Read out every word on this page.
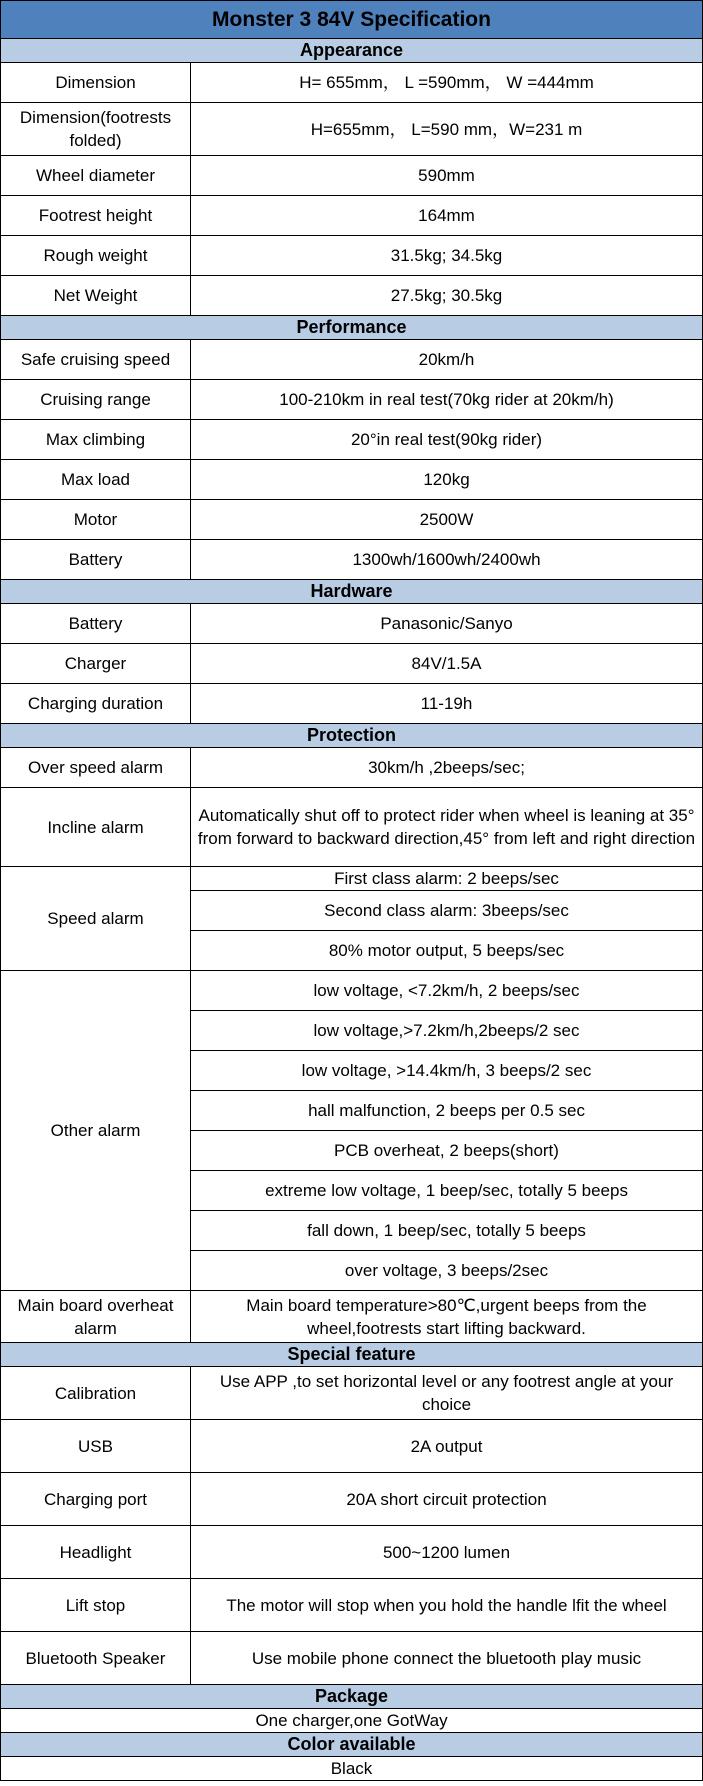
Monster 3 84V Specification	
Appearance	
Dimension	H= 655mm， L =590mm， W =444mm
Dimension(footrests folded)	H=655mm， L=590 mm，W=231 m
Wheel diameter	590mm
Footrest height	164mm
Rough weight	31.5kg; 34.5kg
Net Weight	27.5kg; 30.5kg
Performance	
Safe cruising speed	20km/h
Cruising range	100-210km in real test(70kg rider at 20km/h)
Max climbing	20°in real test(90kg rider)
Max load	120kg
Motor	2500W
Battery	1300wh/1600wh/2400wh
Hardware	
Battery	Panasonic/Sanyo
Charger	84V/1.5A
Charging duration	11-19h
Protection	
Over speed alarm	30km/h ,2beeps/sec;
Incline alarm	Automatically shut off to protect rider when wheel is leaning at 35° from forward to backward direction,45° from left and right direction
Speed alarm	First class alarm: 2 beeps/sec
	Second class alarm: 3beeps/sec
	80% motor output, 5 beeps/sec
Other alarm	low voltage, <7.2km/h, 2 beeps/sec
	low voltage,>7.2km/h,2beeps/2 sec
	low voltage, >14.4km/h, 3 beeps/2 sec
	hall malfunction, 2 beeps per 0.5 sec
	PCB overheat, 2 beeps(short)
	extreme low voltage, 1 beep/sec, totally 5 beeps
	fall down, 1 beep/sec, totally 5 beeps
	over voltage, 3 beeps/2sec
Main board overheat alarm	Main board temperature>80℃,urgent beeps from the wheel,footrests start lifting backward.
Special feature	
Calibration	Use APP ,to set horizontal level or any footrest angle at your choice
USB	2A output
Charging port	20A short circuit protection
Headlight	500~1200 lumen
Lift stop	The motor will stop when you hold the handle lfit the wheel
Bluetooth Speaker	Use mobile phone connect the bluetooth play music
Package	
One charger,one GotWay	
Color available	
Black	
